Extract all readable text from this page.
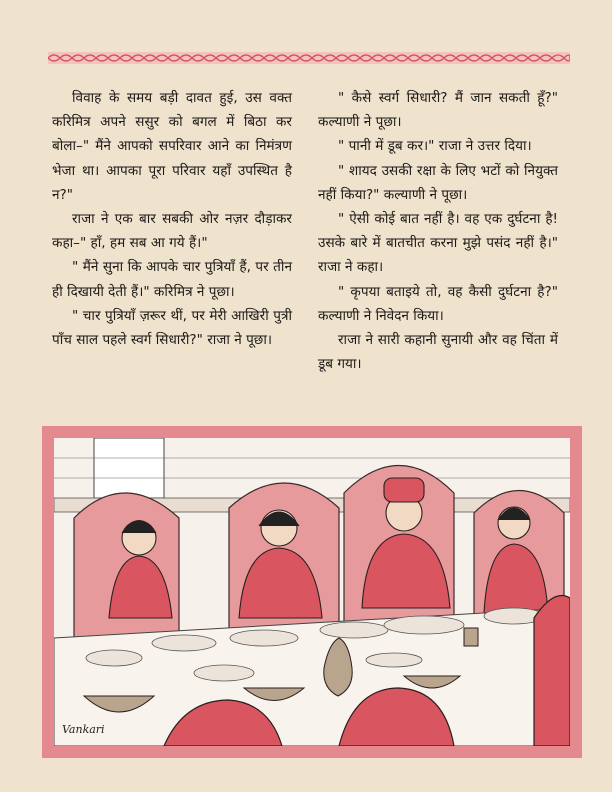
विवाह के समय बड़ी दावत हुई, उस वक्त करिमित्र अपने ससुर को बगल में बिठा कर बोला–" मैंने आपको सपरिवार आने का निमंत्रण भेजा था। आपका पूरा परिवार यहाँ उपस्थित है न?"

राजा ने एक बार सबकी ओर नज़र दौड़ाकर कहा–" हाँ, हम सब आ गये हैं।"

" मैंने सुना कि आपके चार पुत्रियाँ हैं, पर तीन ही दिखायी देती हैं।" करिमित्र ने पूछा।

" चार पुत्रियाँ ज़रूर थीं, पर मेरी आखिरी पुत्री पाँच साल पहले स्वर्ग सिधारी?" राजा ने पूछा।

" कैसे स्वर्ग सिधारी? मैं जान सकती हूँ?" कल्याणी ने पूछा।

" पानी में डूब कर।" राजा ने उत्तर दिया।

" शायद उसकी रक्षा के लिए भटों को नियुक्त नहीं किया?" कल्याणी ने पूछा।

" ऐसी कोई बात नहीं है। वह एक दुर्घटना है! उसके बारे में बातचीत करना मुझे पसंद नहीं है।" राजा ने कहा।

" कृपया बताइये तो, वह कैसी दुर्घटना है?" कल्याणी ने निवेदन किया।

राजा ने सारी कहानी सुनायी और वह चिंता में डूब गया।

Vankari
